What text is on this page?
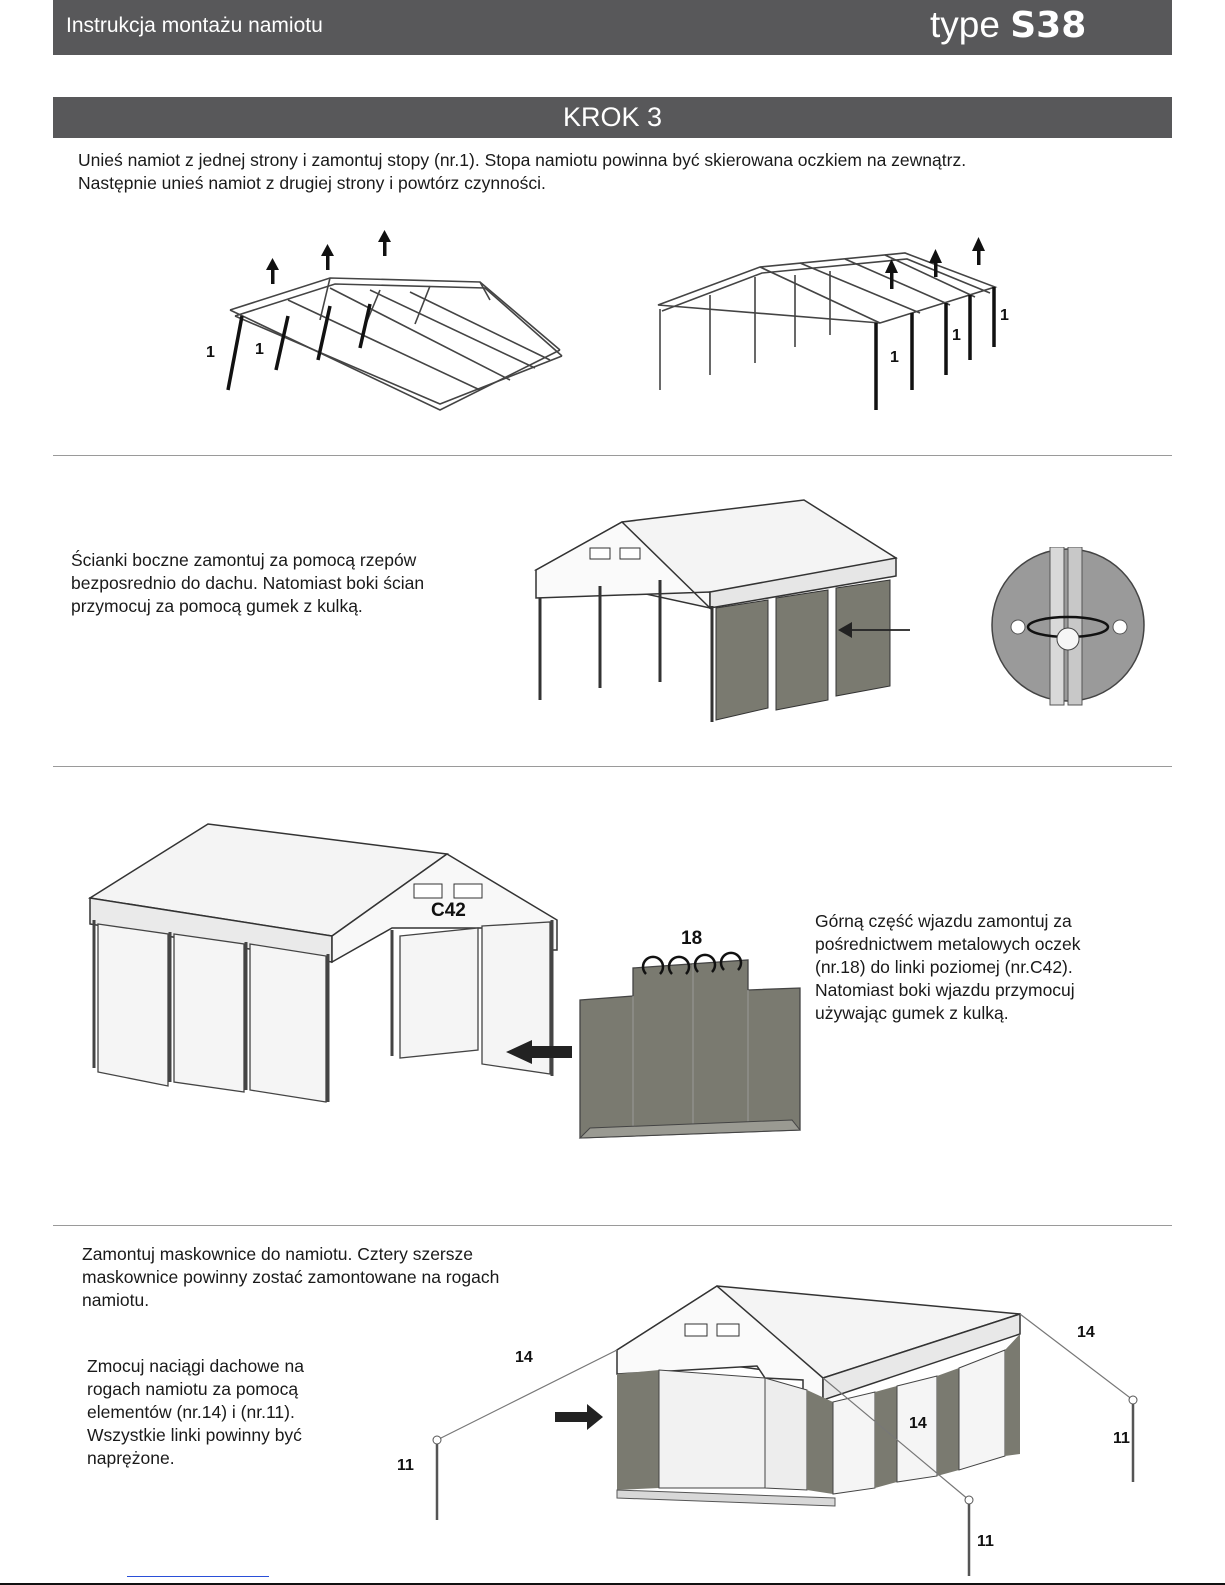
Instrukcja montażu namiotu	type S38
KROK 3
Unieś namiot z jednej strony i zamontuj stopy (nr.1). Stopa namiotu powinna być skierowana oczkiem na zewnątrz.
Następnie unieś namiot z drugiej strony i powtórz czynności.
1	1	1
1
1
Ścianki boczne zamontuj za pomocą rzepów
bezposrednio do dachu. Natomiast boki ścian
przymocuj za pomocą gumek z kulką.
C42
18
Górną część wjazdu zamontuj za
pośrednictwem metalowych oczek
(nr.18) do linki poziomej (nr.C42).
Natomiast boki wjazdu przymocuj
używając gumek z kulką.
Zamontuj maskownice do namiotu. Cztery szersze
maskownice powinny zostać zamontowane na rogach
namiotu.
Zmocuj naciągi dachowe na
rogach namiotu za pomocą
elementów (nr.14) i (nr.11).
Wszystkie linki powinny być
naprężone.
14
14
14
11
11
11
